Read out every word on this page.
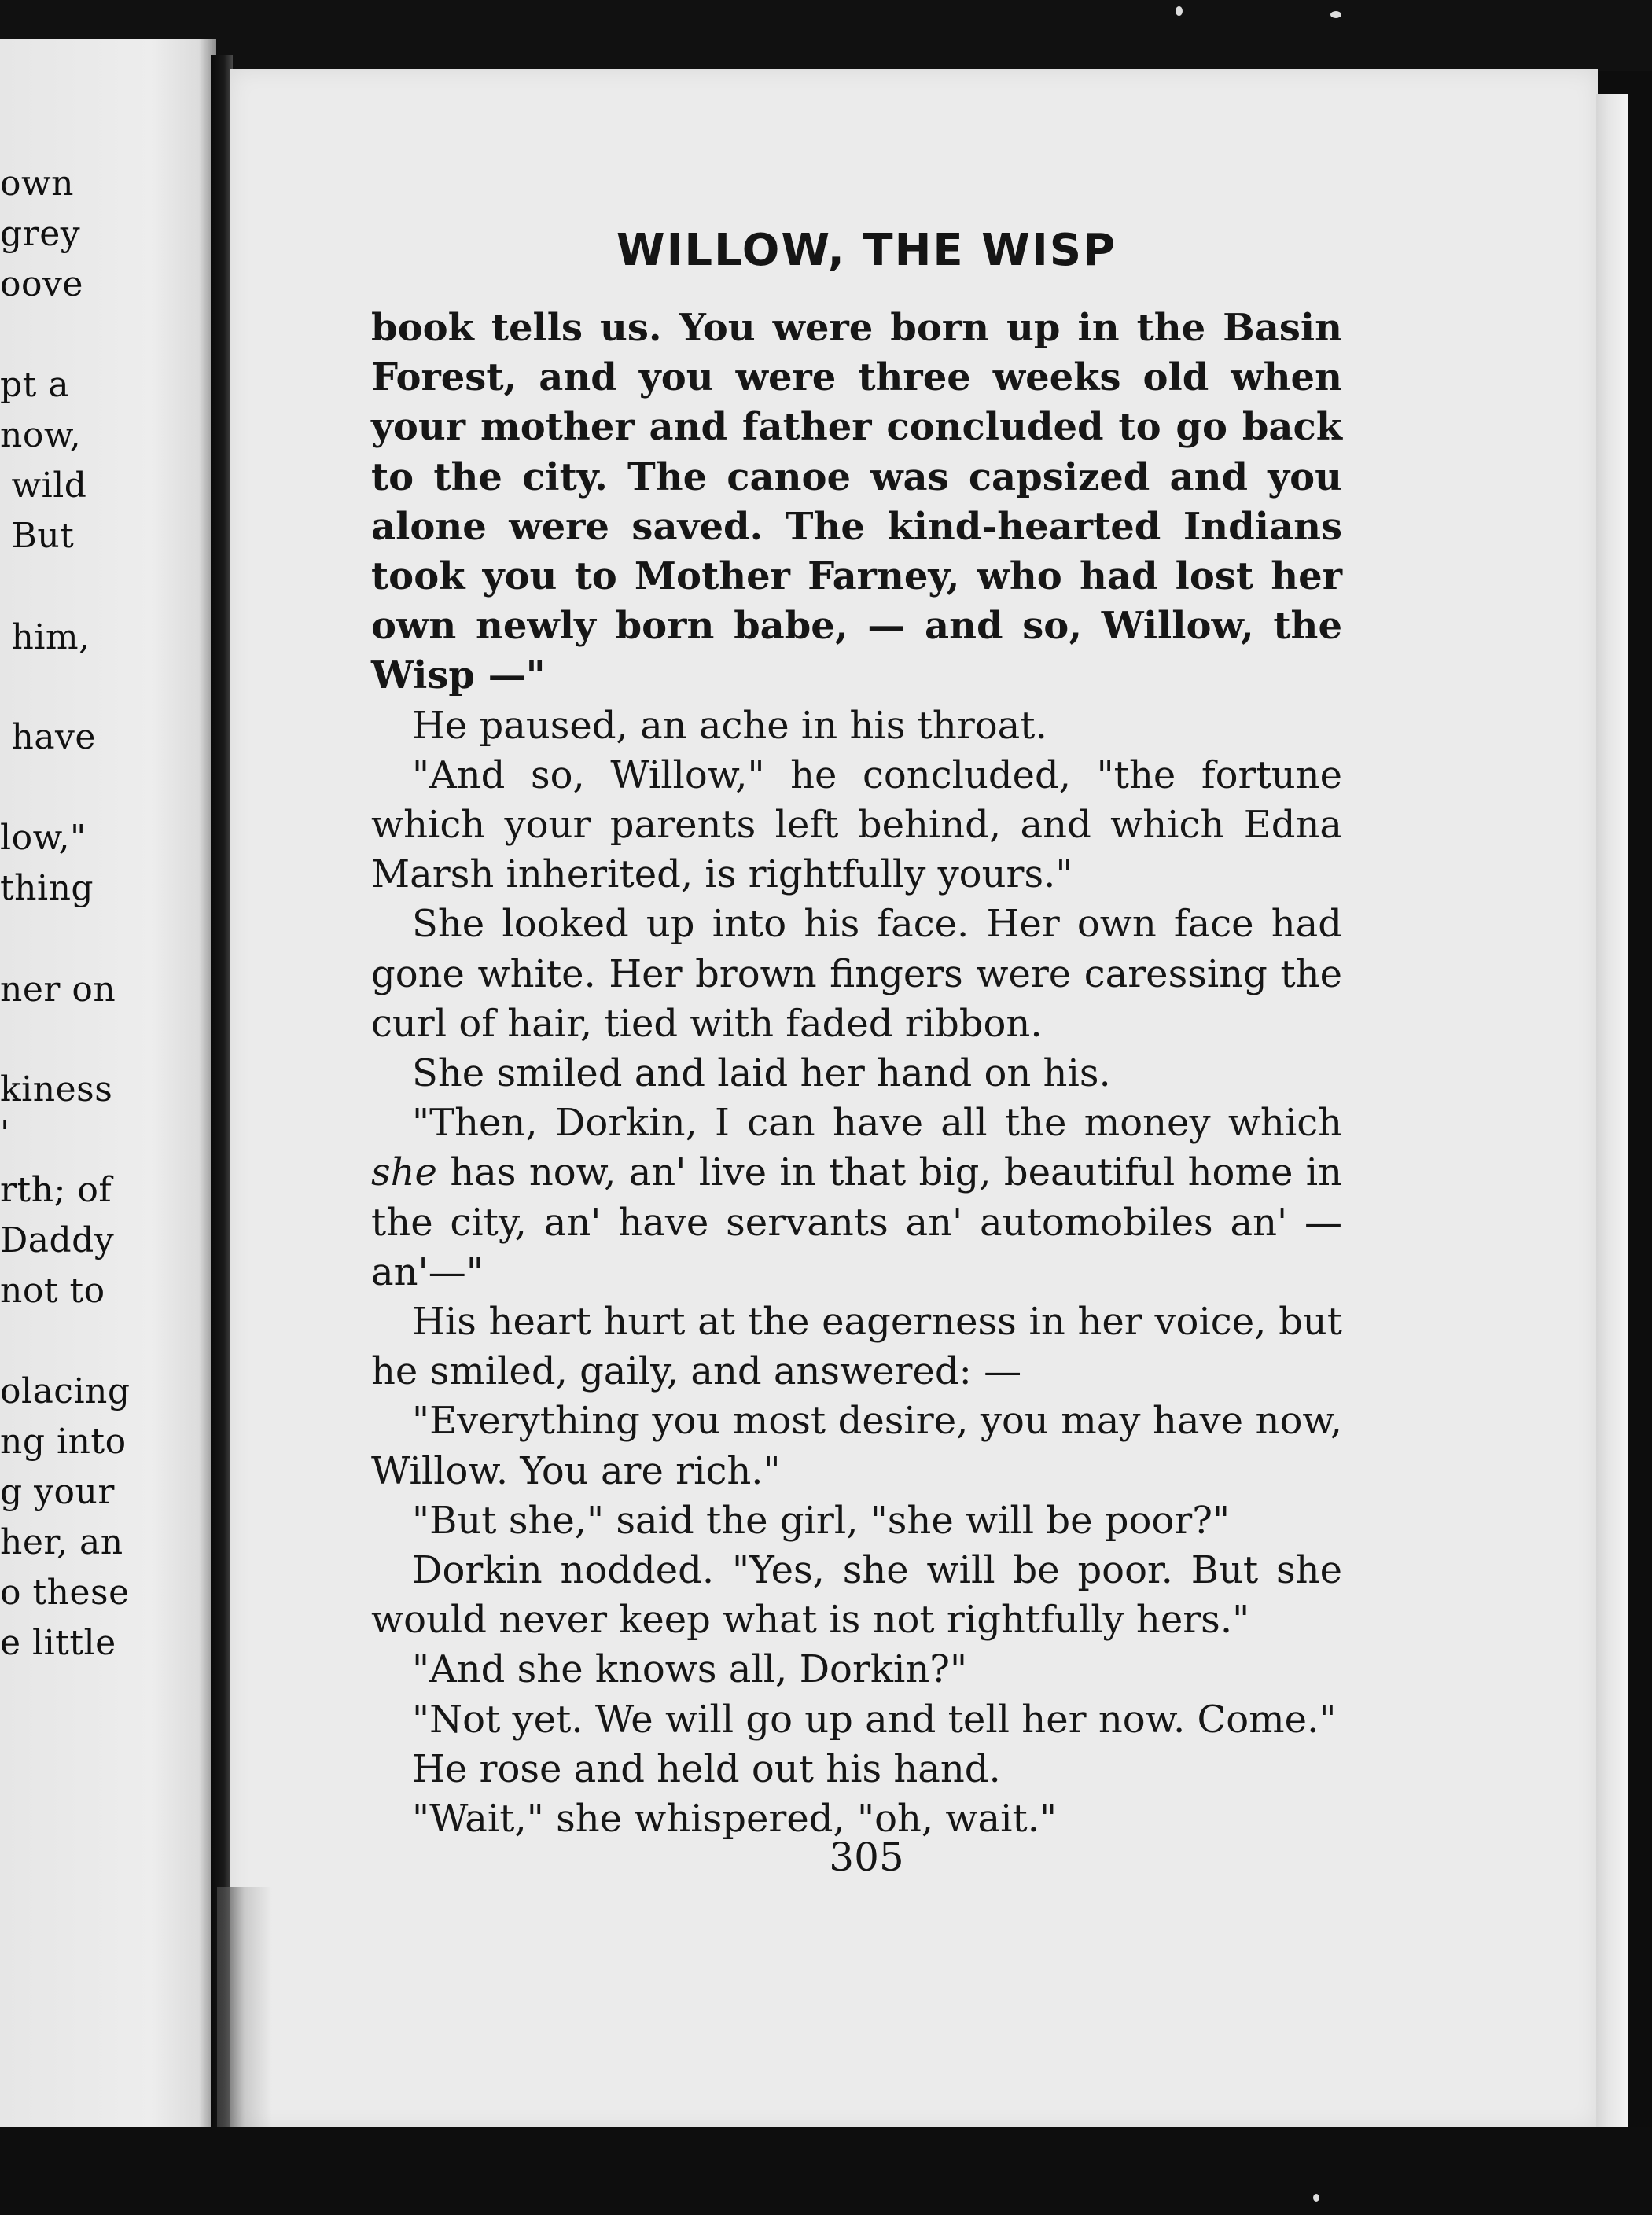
own
grey
oove
pt a
now,
wild
But
him,
have
low,"
thing
ner on
kiness
'
rth; of
Daddy
not to
olacing
ng into
g your
her, an
o these
e little
WILLOW, THE WISP

book tells us. You were born up in the Basin Forest, and you were three weeks old when your mother and father concluded to go back to the city. The canoe was capsized and you alone were saved. The kind-hearted Indians took you to Mother Farney, who had lost her own newly born babe, — and so, Willow, the Wisp —"

He paused, an ache in his throat.

"And so, Willow," he concluded, "the fortune which your parents left behind, and which Edna Marsh inherited, is rightfully yours."

She looked up into his face. Her own face had gone white. Her brown fingers were caressing the curl of hair, tied with faded ribbon.

She smiled and laid her hand on his.

"Then, Dorkin, I can have all the money which she has now, an' live in that big, beautiful home in the city, an' have servants an' automobiles an' — an'—"

His heart hurt at the eagerness in her voice, but he smiled, gaily, and answered: —

"Everything you most desire, you may have now, Willow. You are rich."

"But she," said the girl, "she will be poor?"

Dorkin nodded. "Yes, she will be poor. But she would never keep what is not rightfully hers."

"And she knows all, Dorkin?"

"Not yet. We will go up and tell her now. Come."

He rose and held out his hand.

"Wait," she whispered, "oh, wait."

305
